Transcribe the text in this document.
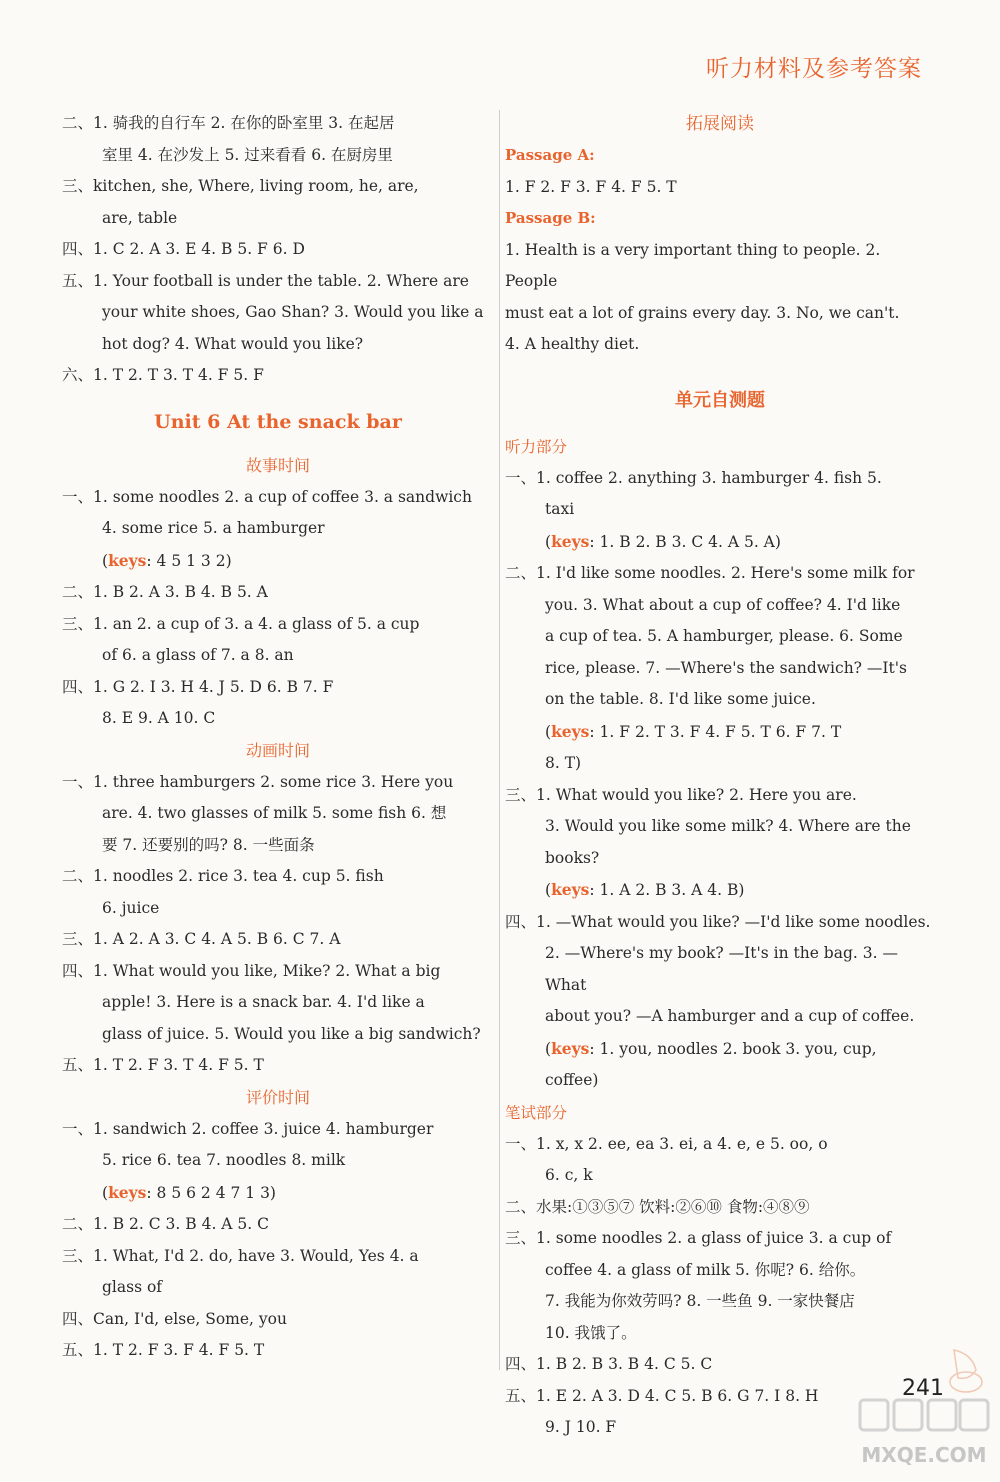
听力材料及参考答案
二、 1. 骑我的自行车 2. 在你的卧室里 3. 在起居
室里 4. 在沙发上 5. 过来看看 6. 在厨房里
三、 kitchen, she, Where, living room, he, are,
are, table
四、 1. C 2. A 3. E 4. B 5. F 6. D
五、 1. Your football is under the table. 2. Where are
your white shoes, Gao Shan? 3. Would you like a
hot dog? 4. What would you like?
六、 1. T 2. T 3. T 4. F 5. F
Unit 6 At the snack bar
故事时间
一、 1. some noodles 2. a cup of coffee 3. a sandwich
4. some rice 5. a hamburger
(keys: 4 5 1 3 2)
二、 1. B 2. A 3. B 4. B 5. A
三、 1. an 2. a cup of 3. a 4. a glass of 5. a cup
of 6. a glass of 7. a 8. an
四、 1. G 2. I 3. H 4. J 5. D 6. B 7. F
8. E 9. A 10. C
动画时间
一、 1. three hamburgers 2. some rice 3. Here you
are. 4. two glasses of milk 5. some fish 6. 想
要 7. 还要别的吗? 8. 一些面条
二、 1. noodles 2. rice 3. tea 4. cup 5. fish
6. juice
三、 1. A 2. A 3. C 4. A 5. B 6. C 7. A
四、 1. What would you like, Mike? 2. What a big
apple! 3. Here is a snack bar. 4. I'd like a
glass of juice. 5. Would you like a big sandwich?
五、 1. T 2. F 3. T 4. F 5. T
评价时间
一、 1. sandwich 2. coffee 3. juice 4. hamburger
5. rice 6. tea 7. noodles 8. milk
(keys: 8 5 6 2 4 7 1 3)
二、 1. B 2. C 3. B 4. A 5. C
三、 1. What, I'd 2. do, have 3. Would, Yes 4. a
glass of
四、 Can, I'd, else, Some, you
五、 1. T 2. F 3. F 4. F 5. T
拓展阅读
Passage A:
1. F 2. F 3. F 4. F 5. T
Passage B:
1. Health is a very important thing to people. 2. People
must eat a lot of grains every day. 3. No, we can't.
4. A healthy diet.
单元自测题
听力部分
一、 1. coffee 2. anything 3. hamburger 4. fish 5.
taxi
(keys: 1. B 2. B 3. C 4. A 5. A)
二、 1. I'd like some noodles. 2. Here's some milk for
you. 3. What about a cup of coffee? 4. I'd like
a cup of tea. 5. A hamburger, please. 6. Some
rice, please. 7. —Where's the sandwich? —It's
on the table. 8. I'd like some juice.
(keys: 1. F 2. T 3. F 4. F 5. T 6. F 7. T
8. T)
三、 1. What would you like? 2. Here you are.
3. Would you like some milk? 4. Where are the
books?
(keys: 1. A 2. B 3. A 4. B)
四、 1. —What would you like? —I'd like some noodles.
2. —Where's my book? —It's in the bag. 3. —What
about you? —A hamburger and a cup of coffee.
(keys: 1. you, noodles 2. book 3. you, cup,
coffee)
笔试部分
一、 1. x, x 2. ee, ea 3. ei, a 4. e, e 5. oo, o
6. c, k
二、 水果:①③⑤⑦ 饮料:②⑥⑩ 食物:④⑧⑨
三、 1. some noodles 2. a glass of juice 3. a cup of
coffee 4. a glass of milk 5. 你呢? 6. 给你。
7. 我能为你效劳吗? 8. 一些鱼 9. 一家快餐店
10. 我饿了。
四、 1. B 2. B 3. B 4. C 5. C
五、 1. E 2. A 3. D 4. C 5. B 6. G 7. I 8. H
9. J 10. F
241
MXQE.COM
